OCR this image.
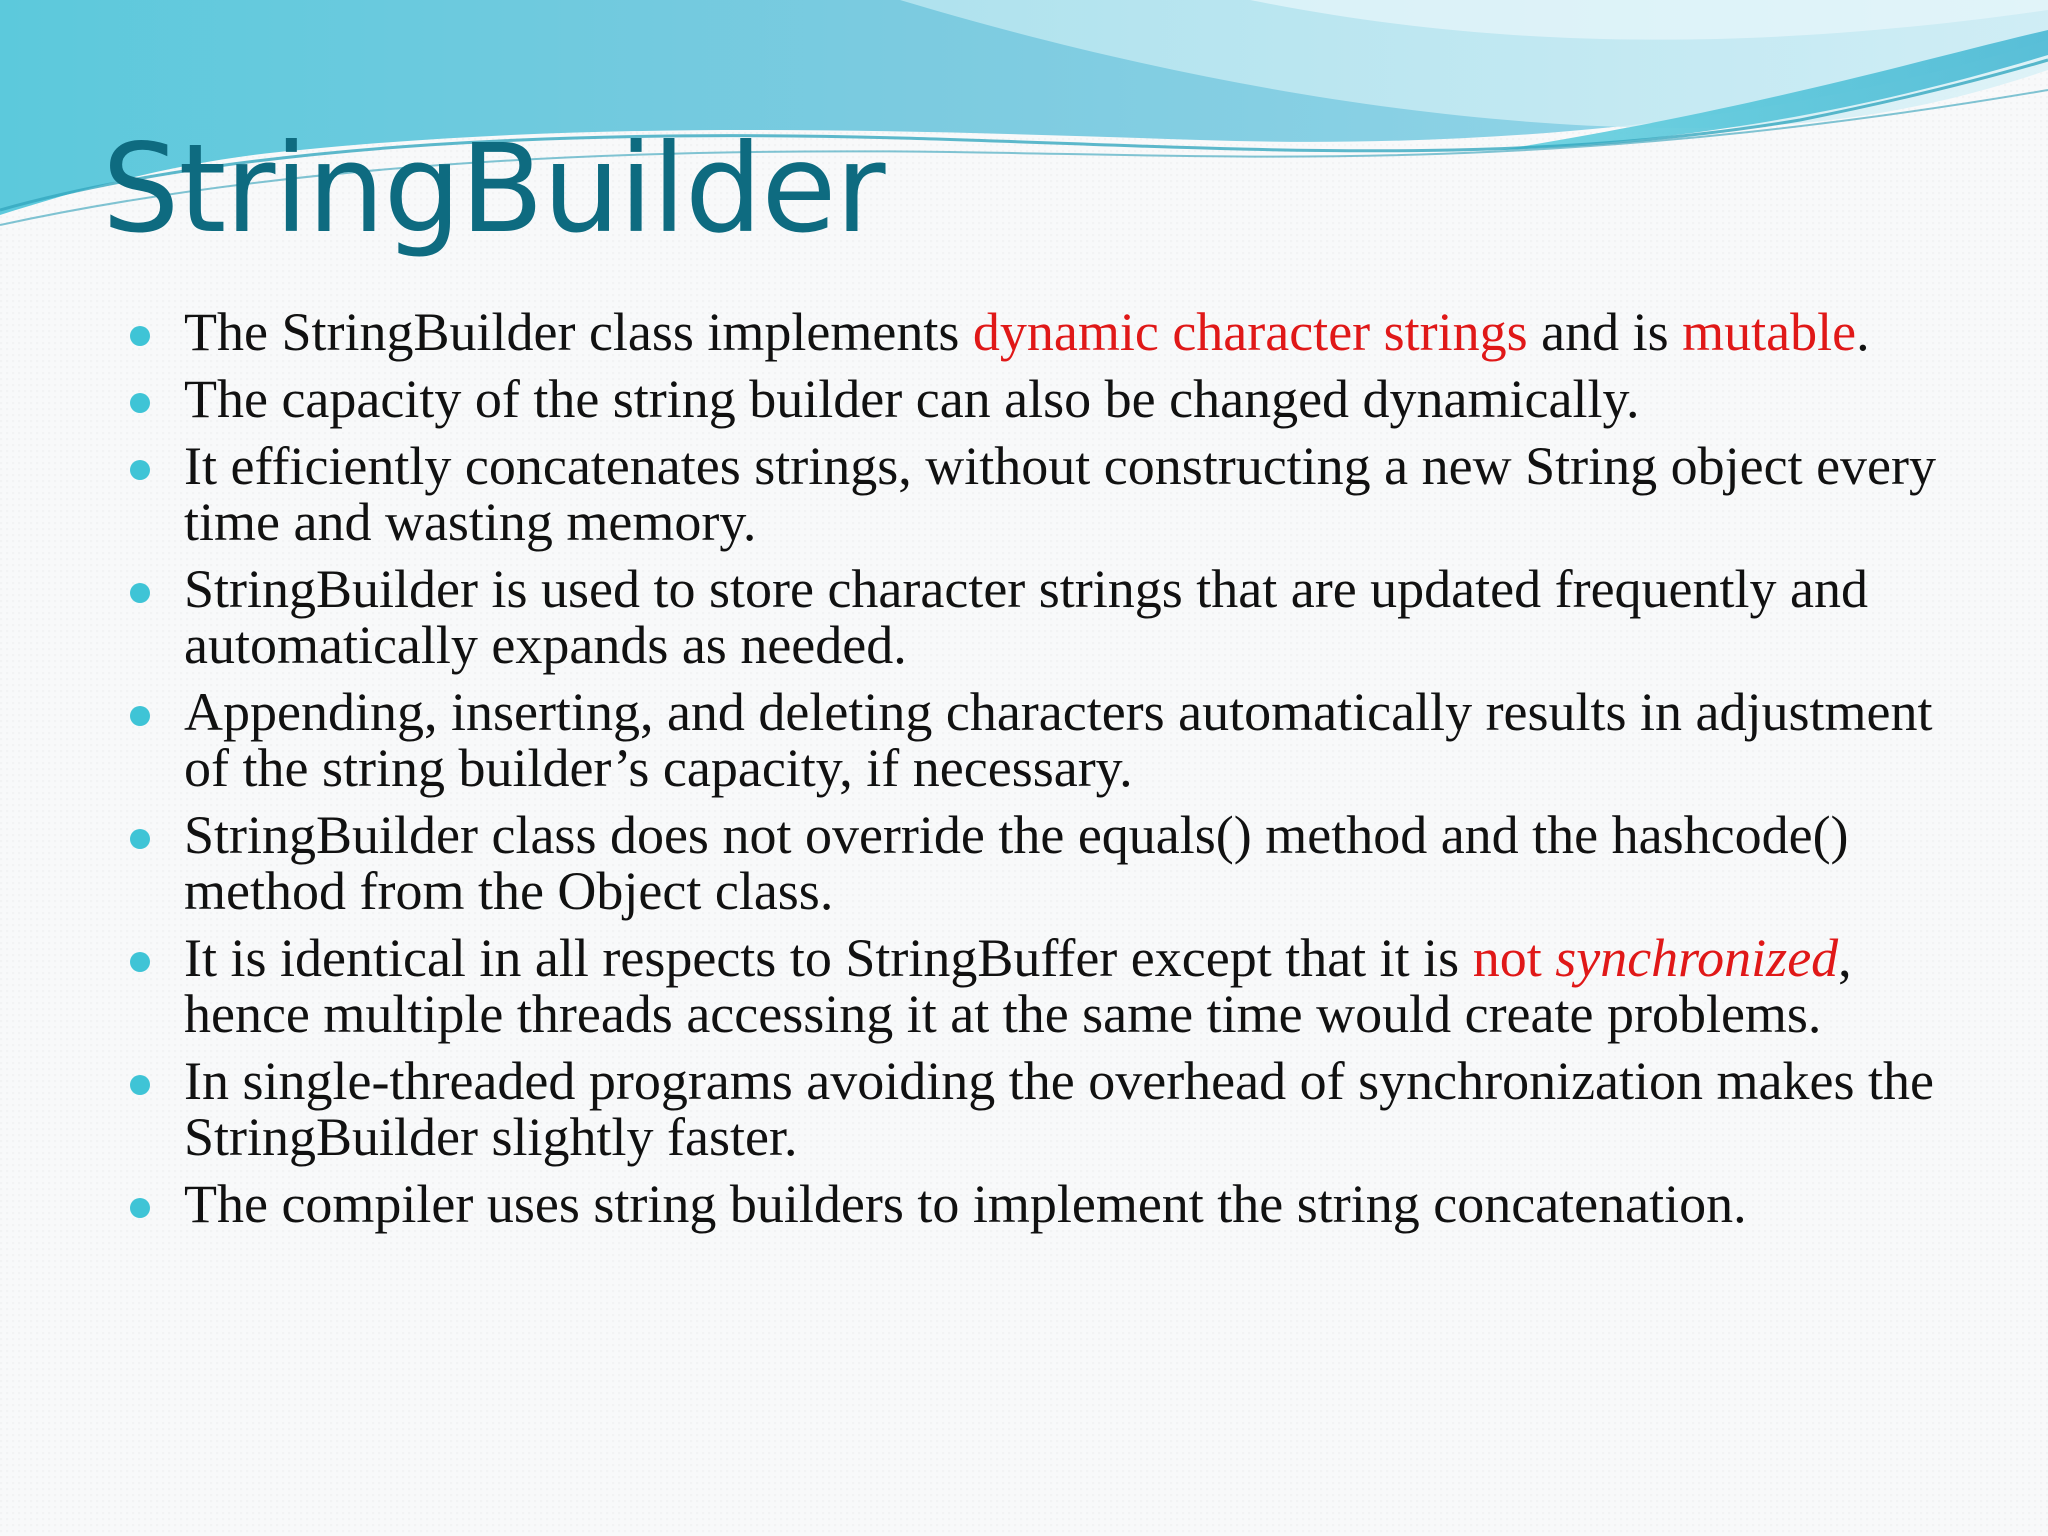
StringBuilder
The StringBuilder class implements dynamic character strings and is mutable.
The capacity of the string builder can also be changed dynamically.
It efficiently concatenates strings, without constructing a new String object every time and wasting memory.
StringBuilder is used to store character strings that are updated frequently and automatically expands as needed.
Appending, inserting, and deleting characters automatically results in adjustment of the string builder’s capacity, if necessary.
StringBuilder class does not override the equals() method and the hashcode() method from the Object class.
It is identical in all respects to StringBuffer except that it is not synchronized, hence multiple threads accessing it at the same time would create problems.
In single-threaded programs avoiding the overhead of synchronization makes the StringBuilder slightly faster.
The compiler uses string builders to implement the string concatenation.
